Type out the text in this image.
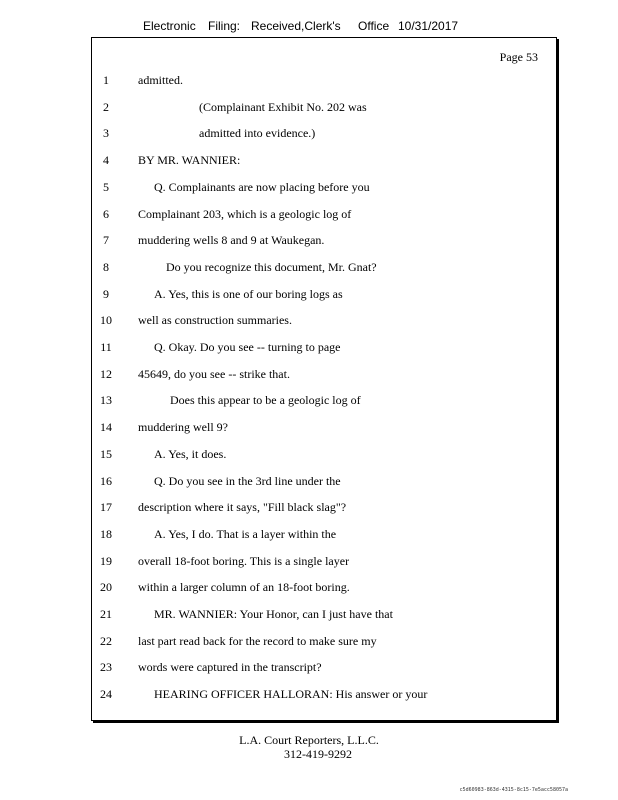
Electronic Filing: Received,Clerk's Office 10/31/2017
Page 53
1	admitted.
2	(Complainant Exhibit No. 202 was
3	admitted into evidence.)
4	BY MR. WANNIER:
5	Q. Complainants are now placing before you
6	Complainant 203, which is a geologic log of
7	muddering wells 8 and 9 at Waukegan.
8	Do you recognize this document, Mr. Gnat?
9	A. Yes, this is one of our boring logs as
10	well as construction summaries.
11	Q. Okay. Do you see -- turning to page
12	45649, do you see -- strike that.
13	Does this appear to be a geologic log of
14	muddering well 9?
15	A. Yes, it does.
16	Q. Do you see in the 3rd line under the
17	description where it says, "Fill black slag"?
18	A. Yes, I do. That is a layer within the
19	overall 18-foot boring. This is a single layer
20	within a larger column of an 18-foot boring.
21	MR. WANNIER: Your Honor, can I just have that
22	last part read back for the record to make sure my
23	words were captured in the transcript?
24	HEARING OFFICER HALLORAN: His answer or your
L.A. Court Reporters, L.L.C.
312-419-9292
c5d60983-863d-4315-8c15-7e5acc58057a
